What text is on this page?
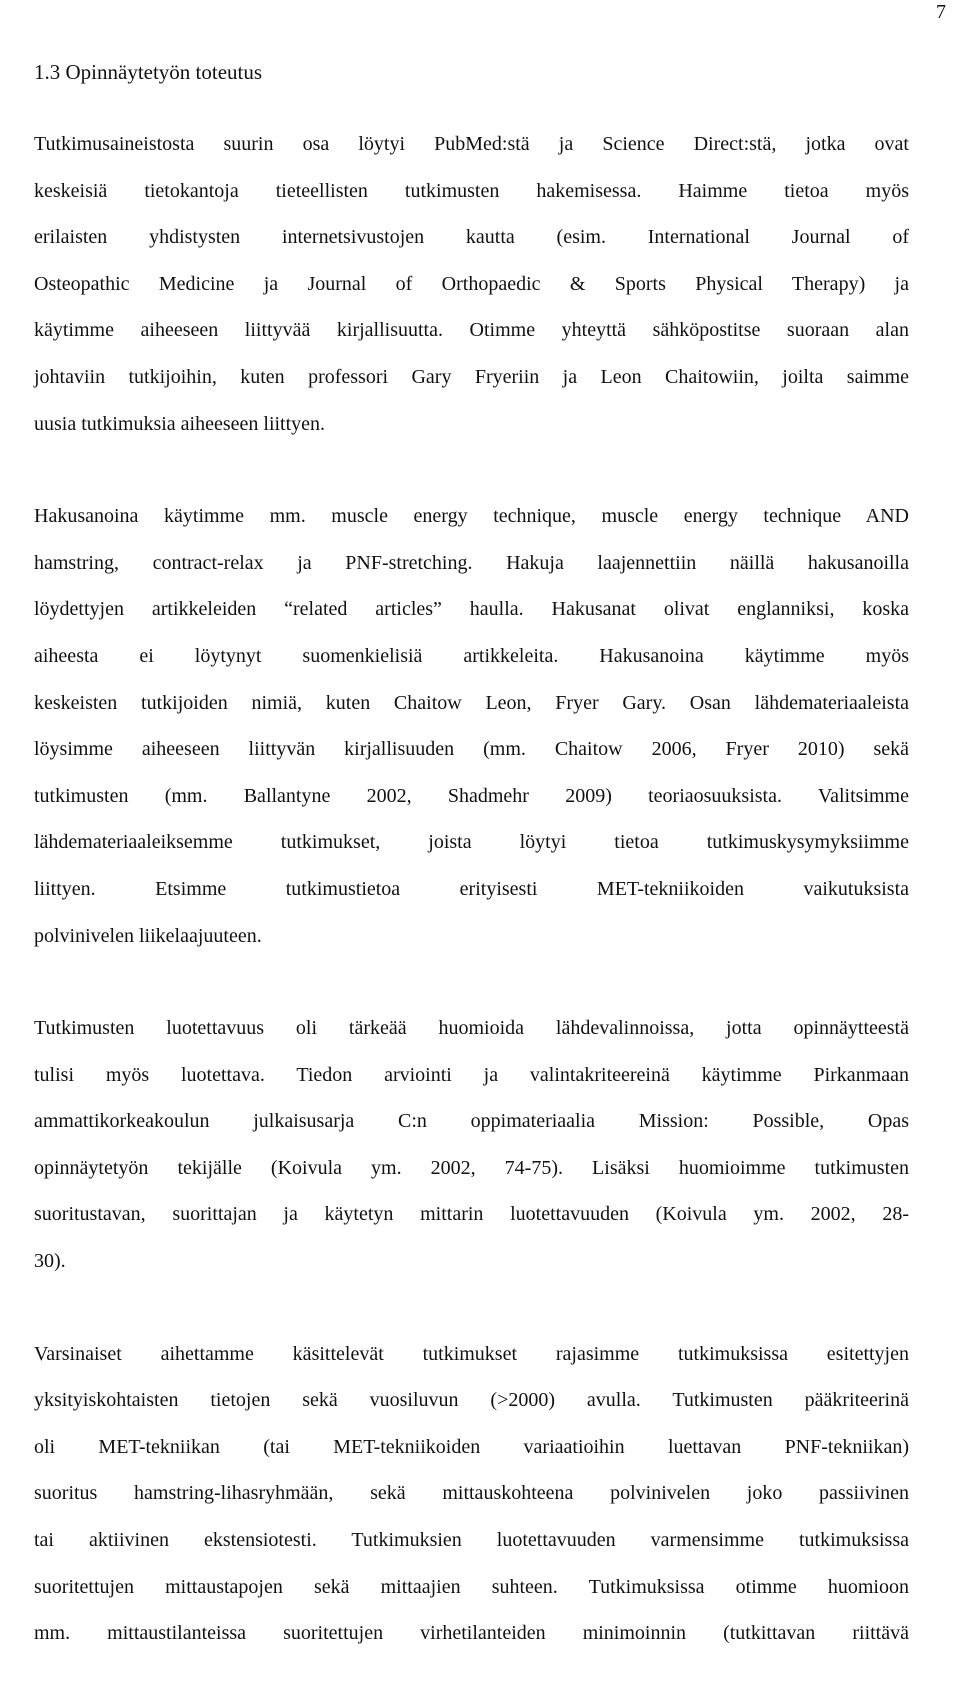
7
1.3 Opinnäytetyön toteutus
Tutkimusaineistosta suurin osa löytyi PubMed:stä ja Science Direct:stä, jotka ovat
keskeisiä tietokantoja tieteellisten tutkimusten hakemisessa. Haimme tietoa myös
erilaisten yhdistysten internetsivustojen kautta (esim. International Journal of
Osteopathic Medicine ja Journal of Orthopaedic & Sports Physical Therapy) ja
käytimme aiheeseen liittyvää kirjallisuutta. Otimme yhteyttä sähköpostitse suoraan alan
johtaviin tutkijoihin, kuten professori Gary Fryeriin ja Leon Chaitowiin, joilta saimme
uusia tutkimuksia aiheeseen liittyen.
Hakusanoina käytimme mm. muscle energy technique, muscle energy technique AND
hamstring, contract-relax ja PNF-stretching. Hakuja laajennettiin näillä hakusanoilla
löydettyjen artikkeleiden “related articles” haulla. Hakusanat olivat englanniksi, koska
aiheesta ei löytynyt suomenkielisiä artikkeleita. Hakusanoina käytimme myös
keskeisten tutkijoiden nimiä, kuten Chaitow Leon, Fryer Gary. Osan lähdemateriaaleista
löysimme aiheeseen liittyvän kirjallisuuden (mm. Chaitow 2006, Fryer 2010) sekä
tutkimusten (mm. Ballantyne 2002, Shadmehr 2009) teoriaosuuksista. Valitsimme
lähdemateriaaleiksemme tutkimukset, joista löytyi tietoa tutkimuskysymyksiimme
liittyen. Etsimme tutkimustietoa erityisesti MET-tekniikoiden vaikutuksista
polvinivelen liikelaajuuteen.
Tutkimusten luotettavuus oli tärkeää huomioida lähdevalinnoissa, jotta opinnäytteestä
tulisi myös luotettava. Tiedon arviointi ja valintakriteereinä käytimme Pirkanmaan
ammattikorkeakoulun julkaisusarja C:n oppimateriaalia Mission: Possible, Opas
opinnäytetyön tekijälle (Koivula ym. 2002, 74-75). Lisäksi huomioimme tutkimusten
suoritustavan, suorittajan ja käytetyn mittarin luotettavuuden (Koivula ym. 2002, 28-
30).
Varsinaiset aihettamme käsittelevät tutkimukset rajasimme tutkimuksissa esitettyjen
yksityiskohtaisten tietojen sekä vuosiluvun (>2000) avulla. Tutkimusten pääkriteerinä
oli MET-tekniikan (tai MET-tekniikoiden variaatioihin luettavan PNF-tekniikan)
suoritus hamstring-lihasryhmään, sekä mittauskohteena polvinivelen joko passiivinen
tai aktiivinen ekstensiotesti. Tutkimuksien luotettavuuden varmensimme tutkimuksissa
suoritettujen mittaustapojen sekä mittaajien suhteen. Tutkimuksissa otimme huomioon
mm. mittaustilanteissa suoritettujen virhetilanteiden minimoinnin (tutkittavan riittävä
